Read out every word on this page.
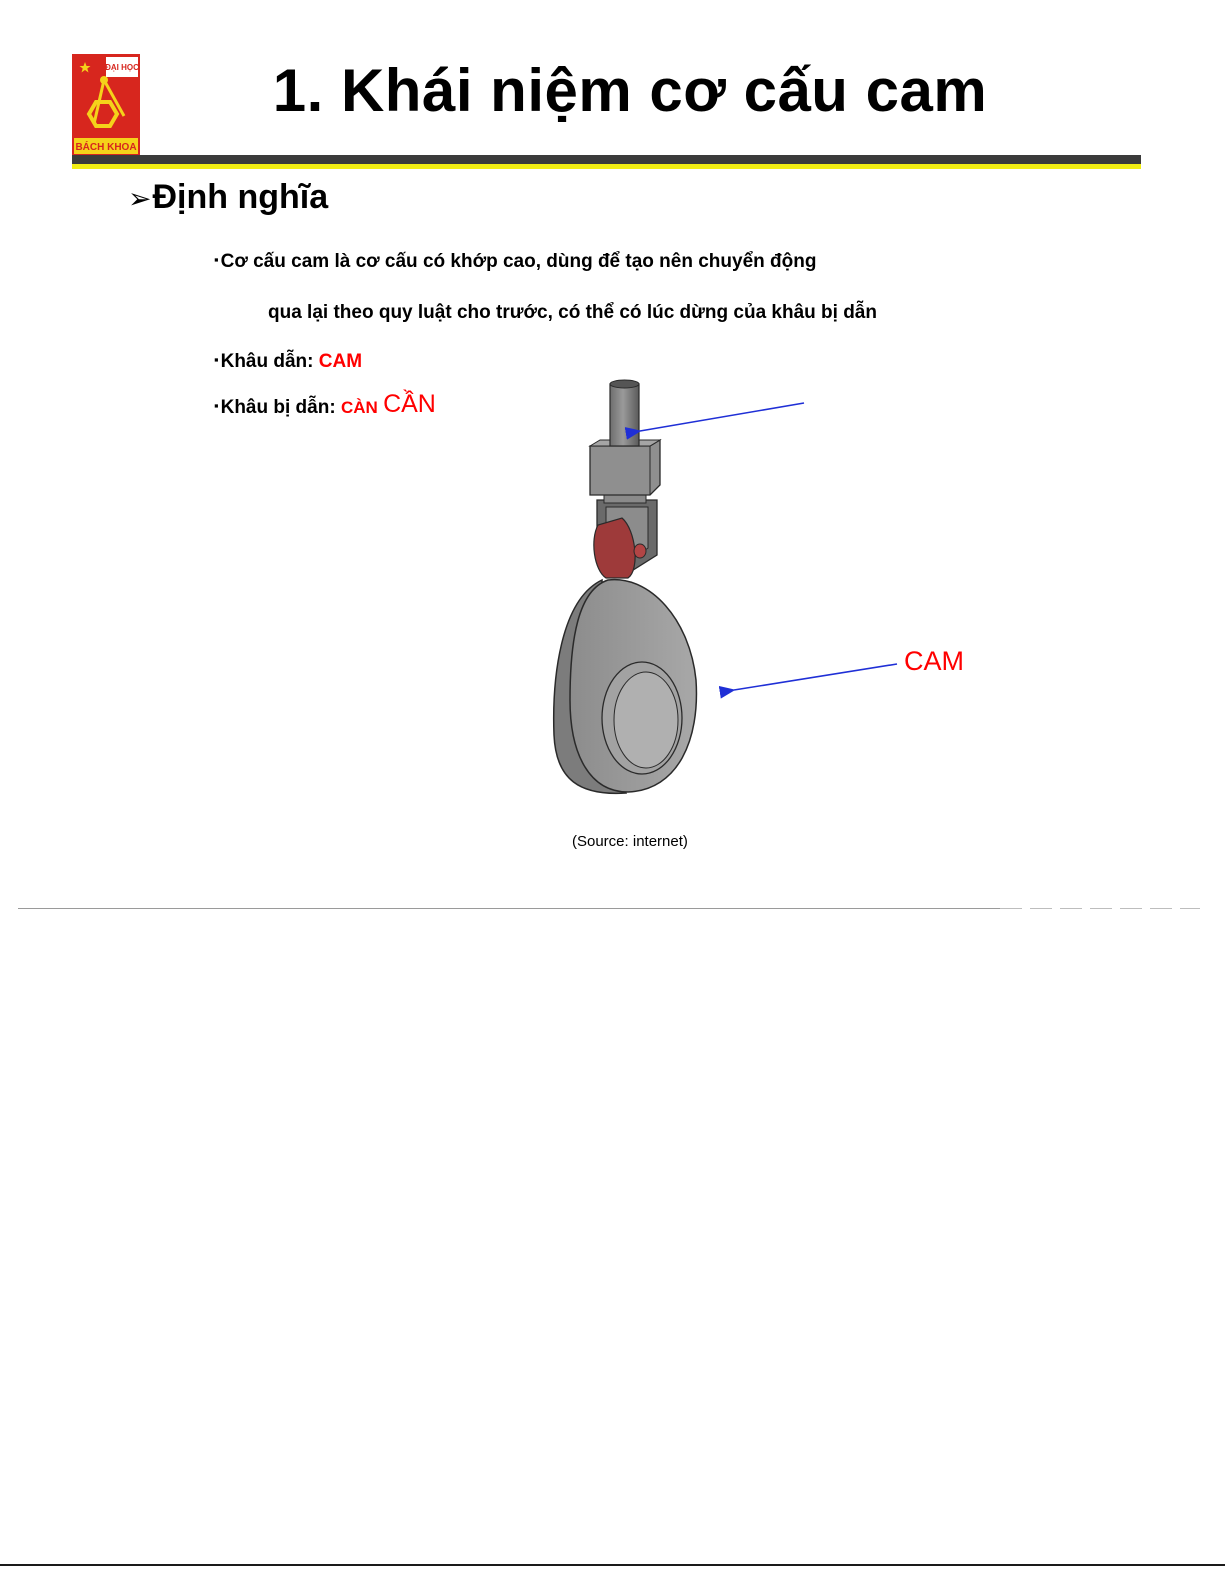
ĐẠI HỌC
BÁCH KHOA
1. Khái niệm cơ cấu cam
➢Định nghĩa
▪ Cơ cấu cam là cơ cấu có khớp cao, dùng để tạo nên chuyển động
qua lại theo quy luật cho trước, có thể có lúc dừng của khâu bị dẫn
▪ Khâu dẫn: CAM
▪ Khâu bị dẫn: CÀN CẦN
CAM
(Source: internet)
